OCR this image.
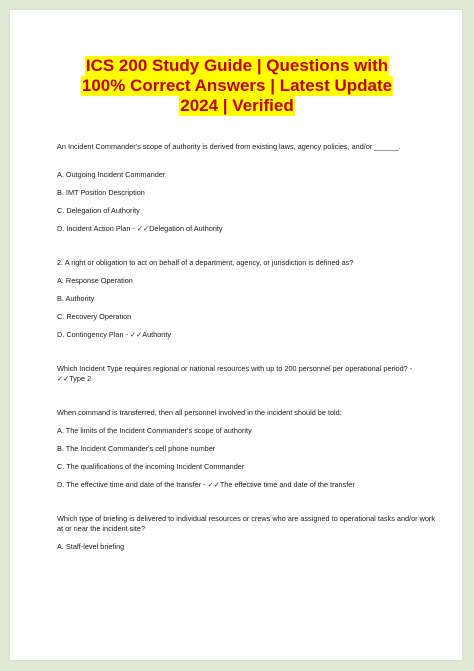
ICS 200 Study Guide | Questions with
100% Correct Answers | Latest Update
2024 | Verified
An Incident Commander's scope of authority is derived from existing laws, agency policies, and/or ______.
A. Outgoing Incident Commander
B. IMT Position Description
C. Delegation of Authority
D. Incident Action Plan - ✓✓Delegation of Authority
2. A right or obligation to act on behalf of a department, agency, or jurisdiction is defined as?
A. Response Operation
B. Authority
C. Recovery Operation
D. Contingency Plan - ✓✓Authority
Which Incident Type requires regional or national resources with up to 200 personnel per operational period? - ✓✓Type 2
When command is transferred, then all personnel involved in the incident should be told:
A. The limits of the Incident Commander's scope of authority
B. The Incident Commander's cell phone number
C. The qualifications of the incoming Incident Commander
D. The effective time and date of the transfer - ✓✓The effective time and date of the transfer
Which type of briefing is delivered to individual resources or crews who are assigned to operational tasks and/or work at or near the incident site?
A. Staff-level briefing
